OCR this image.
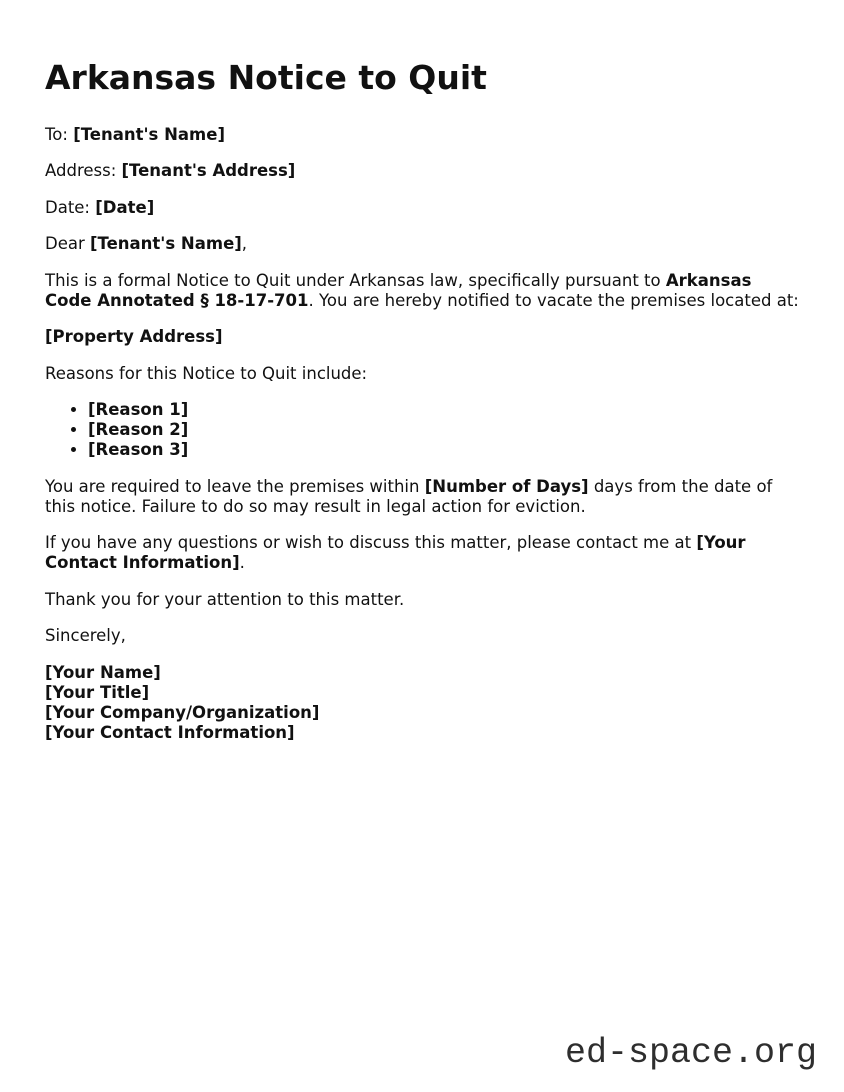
Arkansas Notice to Quit

To: [Tenant's Name]

Address: [Tenant's Address]

Date: [Date]

Dear [Tenant's Name],

This is a formal Notice to Quit under Arkansas law, specifically pursuant to Arkansas Code Annotated § 18-17-701. You are hereby notified to vacate the premises located at:

[Property Address]

Reasons for this Notice to Quit include:

• [Reason 1]
• [Reason 2]
• [Reason 3]

You are required to leave the premises within [Number of Days] days from the date of this notice. Failure to do so may result in legal action for eviction.

If you have any questions or wish to discuss this matter, please contact me at [Your Contact Information].

Thank you for your attention to this matter.

Sincerely,

[Your Name]
[Your Title]
[Your Company/Organization]
[Your Contact Information]

ed-space.org
